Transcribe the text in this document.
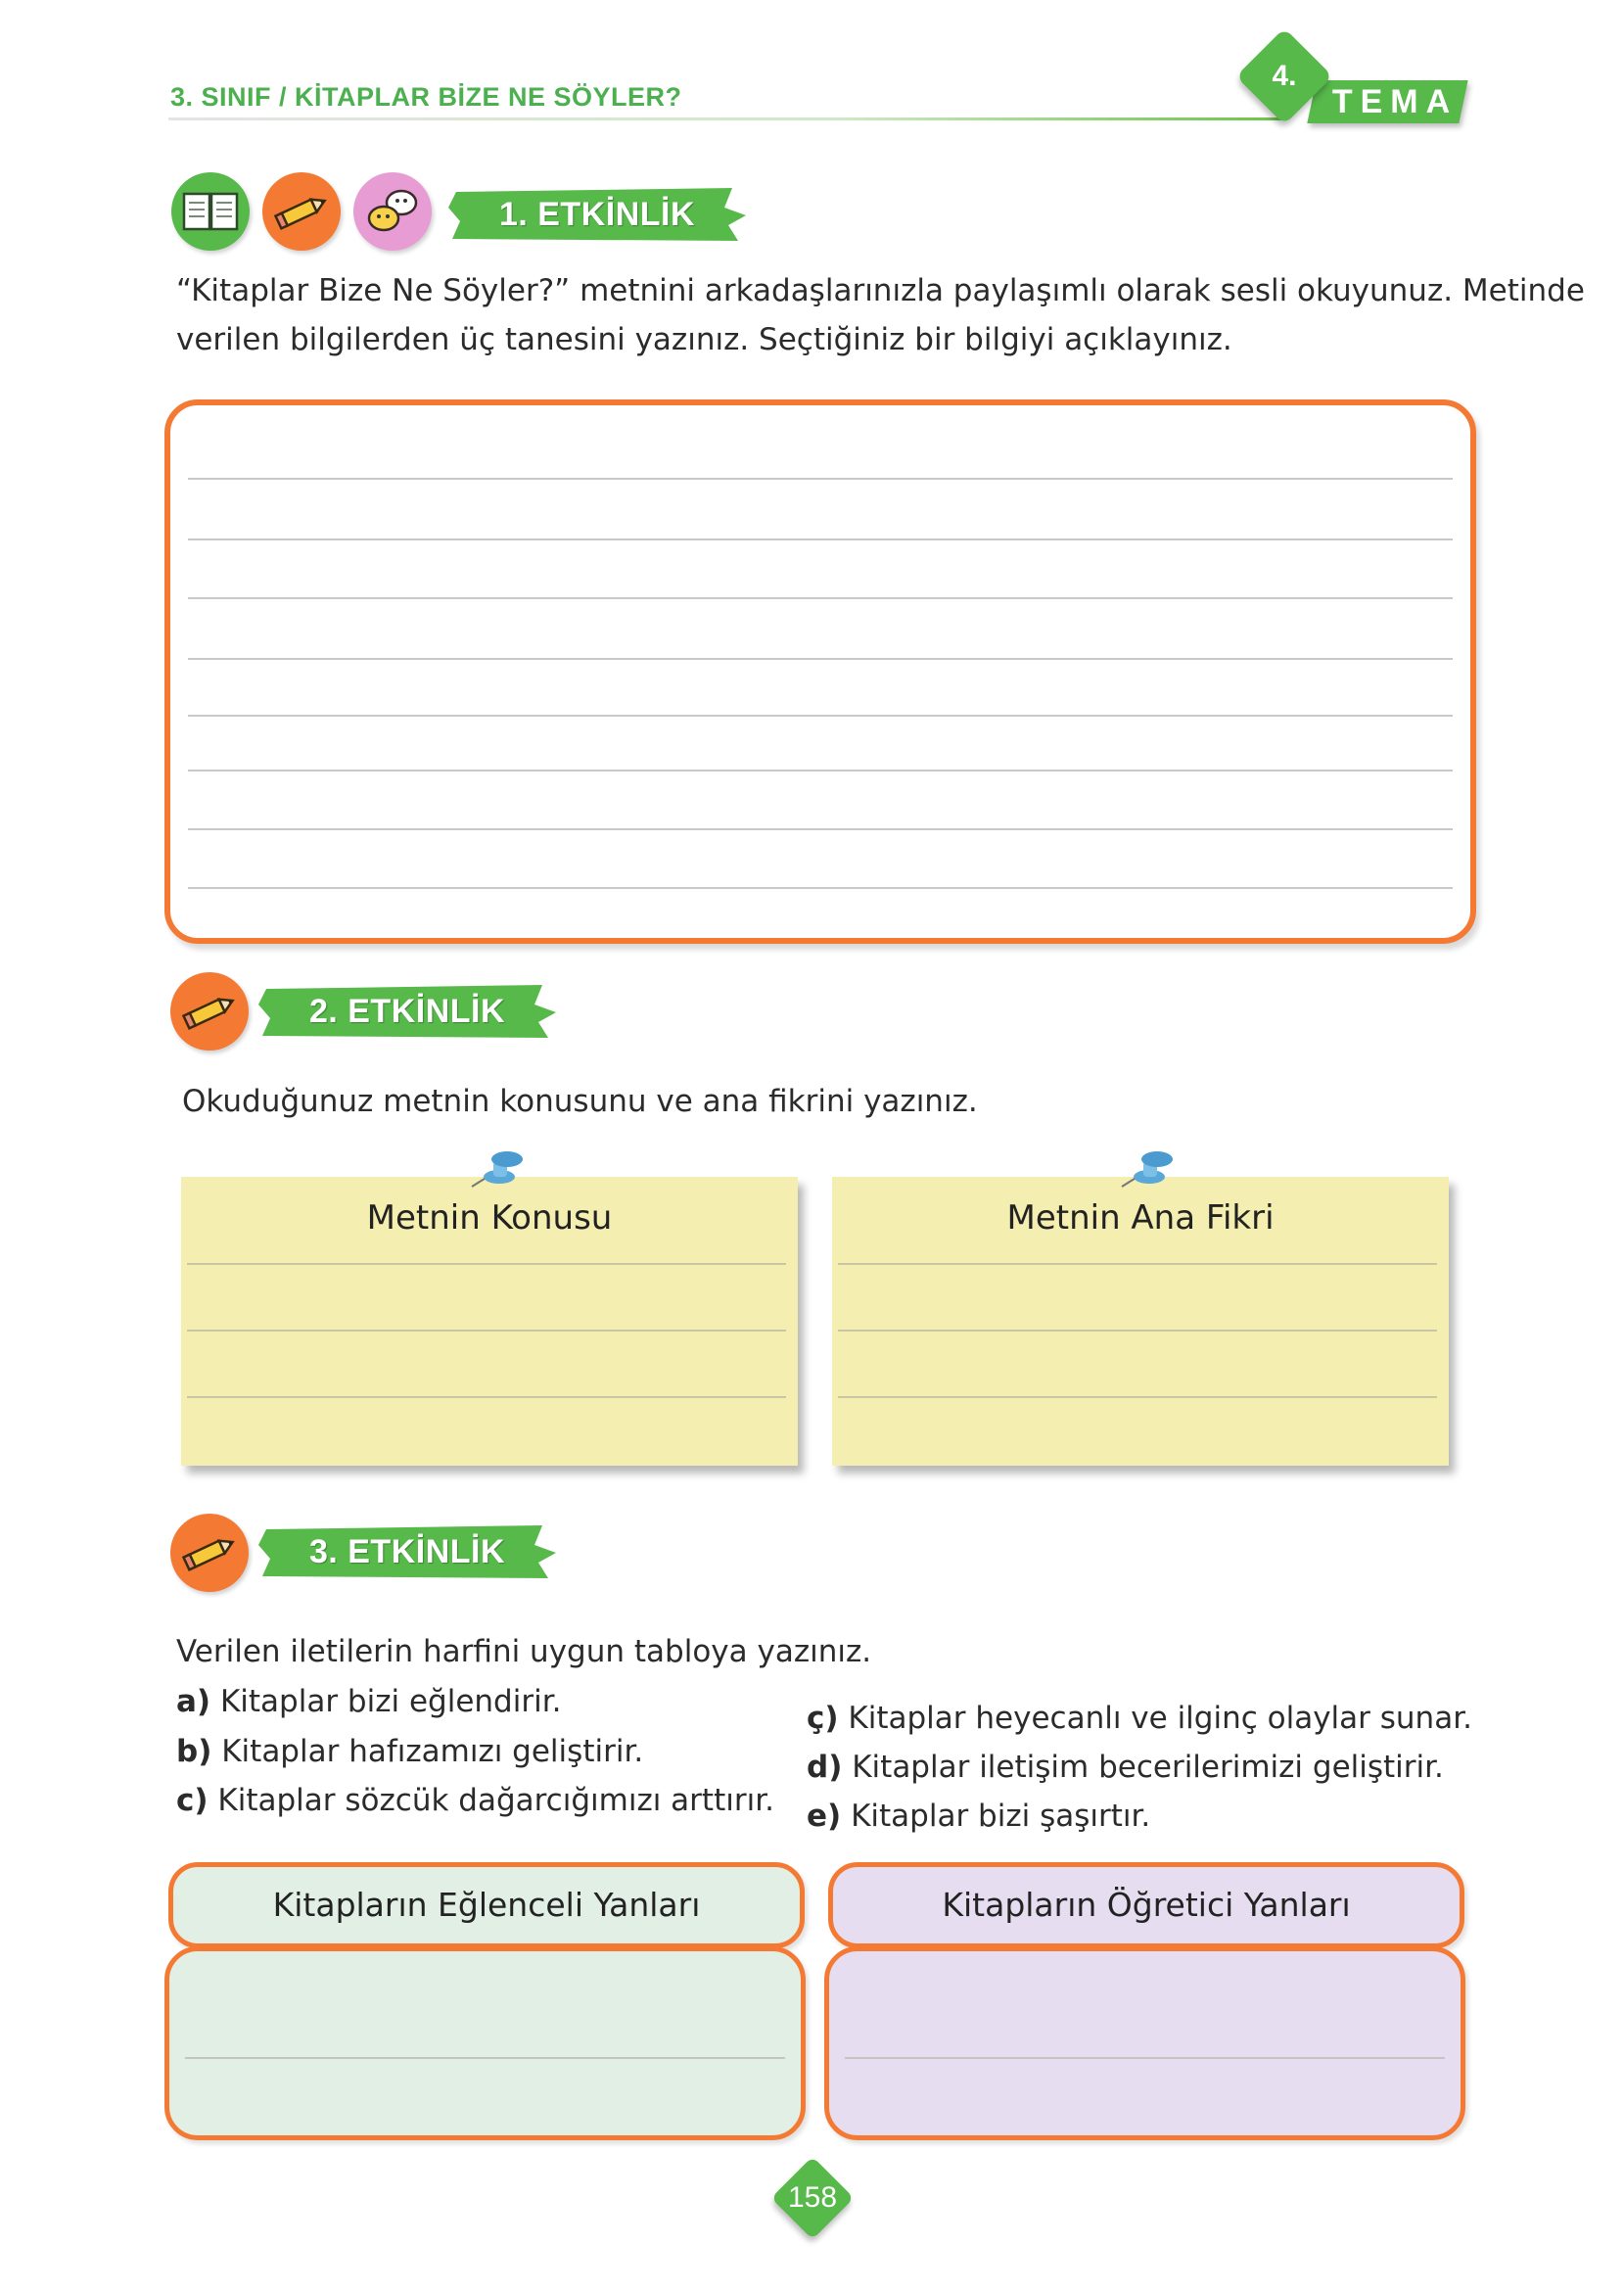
3. SINIF / KİTAPLAR BİZE NE SÖYLER?	TEMA
4.
1. ETKİNLİK
“Kitaplar Bize Ne Söyler?” metnini arkadaşlarınızla paylaşımlı olarak sesli okuyunuz. Metinde
verilen bilgilerden üç tanesini yazınız. Seçtiğiniz bir bilgiyi açıklayınız.
2. ETKİNLİK
Okuduğunuz metnin konusunu ve ana fikrini yazınız.
Metnin Konusu	Metnin Ana Fikri
3. ETKİNLİK
Verilen iletilerin harfini uygun tabloya yazınız.
a) Kitaplar bizi eğlendirir.
b) Kitaplar hafızamızı geliştirir.
c) Kitaplar sözcük dağarcığımızı arttırır.
ç) Kitaplar heyecanlı ve ilginç olaylar sunar.
d) Kitaplar iletişim becerilerimizi geliştirir.
e) Kitaplar bizi şaşırtır.
Kitapların Eğlenceli Yanları	Kitapların Öğretici Yanları
158
